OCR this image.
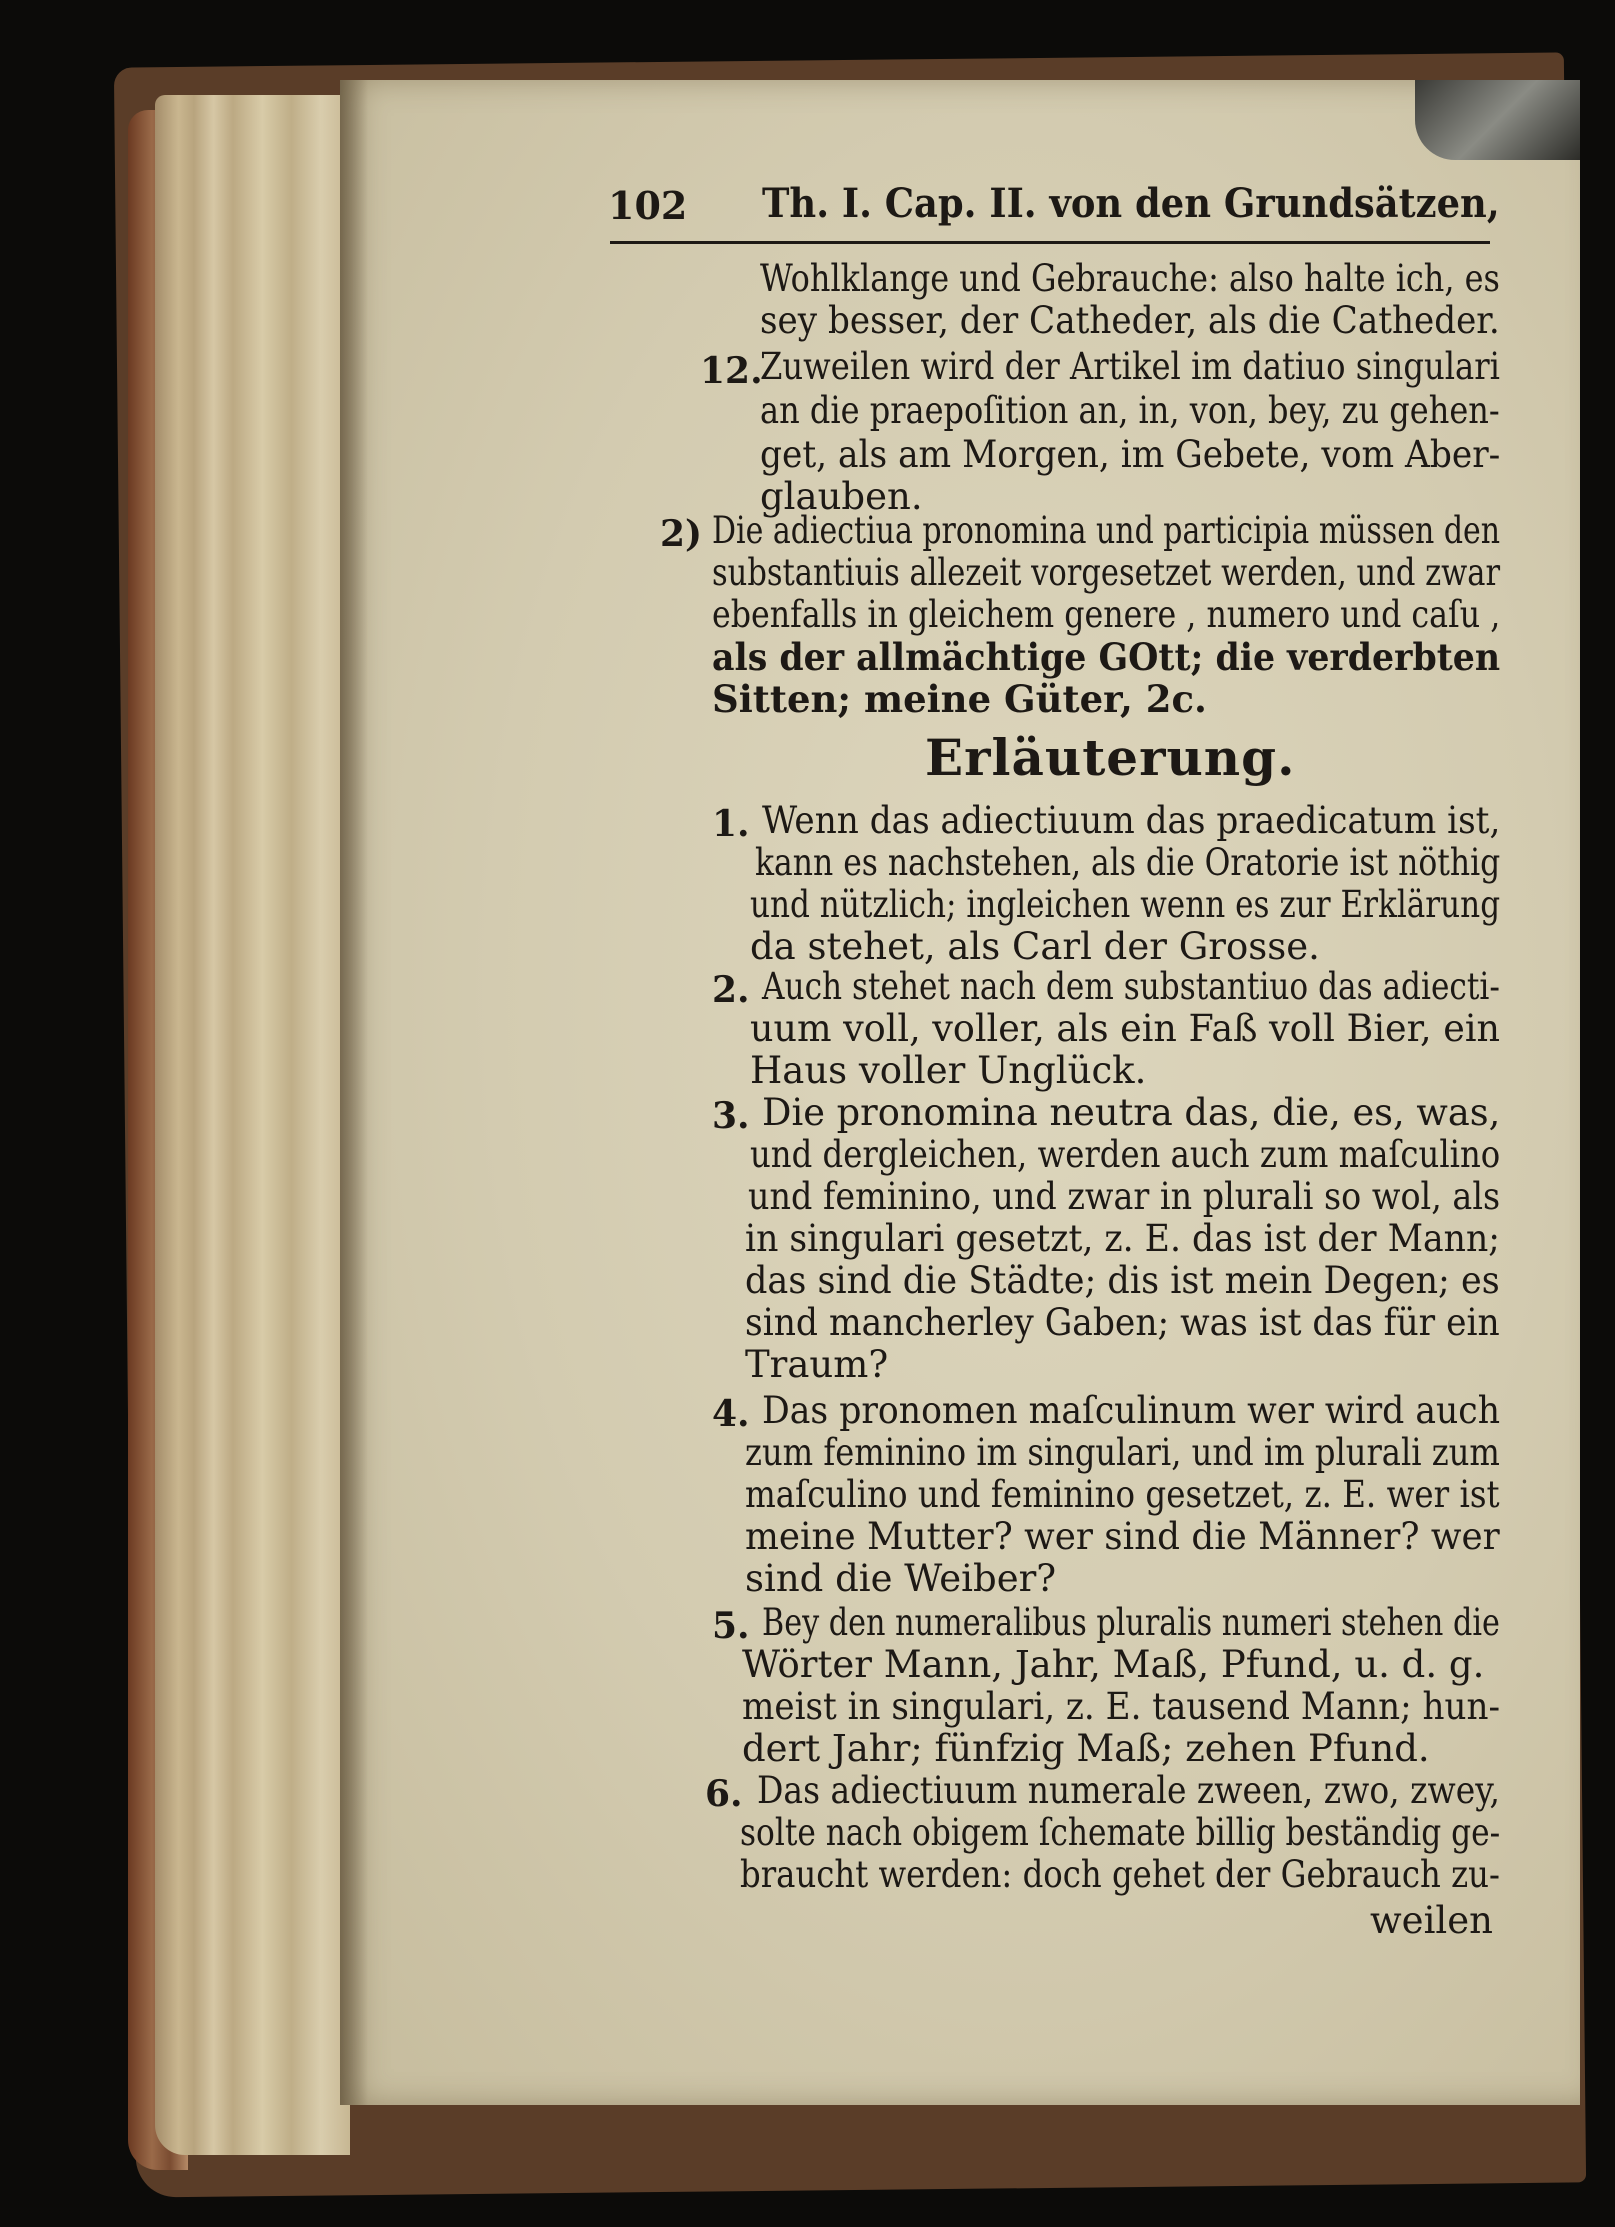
102 Th. I. Cap. II. von den Grundsätzen,
Wohlklange und Gebrauche: also halte ich, es
sey besser, der Catheder, als die Catheder.
12.
Zuweilen wird der Artikel im datiuo singulari
an die praepoſition an, in, von, bey, zu gehen-
get, als am Morgen, im Gebete, vom Aber-
glauben.
2) Die adiectiua pronomina und participia müssen den
substantiuis allezeit vorgesetzet werden, und zwar
ebenfalls in gleichem genere , numero und caſu ,
als der allmächtige GOtt; die verderbten
Sitten; meine Güter, 2c.
Erläuterung.
1. Wenn das adiectiuum das praedicatum ist,
kann es nachstehen, als die Oratorie ist nöthig
und nützlich; ingleichen wenn es zur Erklärung
da stehet, als Carl der Grosse.
2. Auch stehet nach dem substantiuo das adiecti-
uum voll, voller, als ein Faß voll Bier, ein
Haus voller Unglück.
3. Die pronomina neutra das, die, es, was,
und dergleichen, werden auch zum maſculino
und feminino, und zwar in plurali so wol, als
in singulari gesetzt, z. E. das ist der Mann;
das sind die Städte; dis ist mein Degen; es
sind mancherley Gaben; was ist das für ein
Traum?
4. Das pronomen maſculinum wer wird auch
zum feminino im singulari, und im plurali zum
maſculino und feminino gesetzet, z. E. wer ist
meine Mutter? wer sind die Männer? wer
sind die Weiber?
5. Bey den numeralibus pluralis numeri stehen die
Wörter Mann, Jahr, Maß, Pfund, u. d. g.
meist in singulari, z. E. tausend Mann; hun-
dert Jahr; fünfzig Maß; zehen Pfund.
6. Das adiectiuum numerale zween, zwo, zwey,
solte nach obigem ſchemate billig beständig ge-
braucht werden: doch gehet der Gebrauch zu-
weilen
